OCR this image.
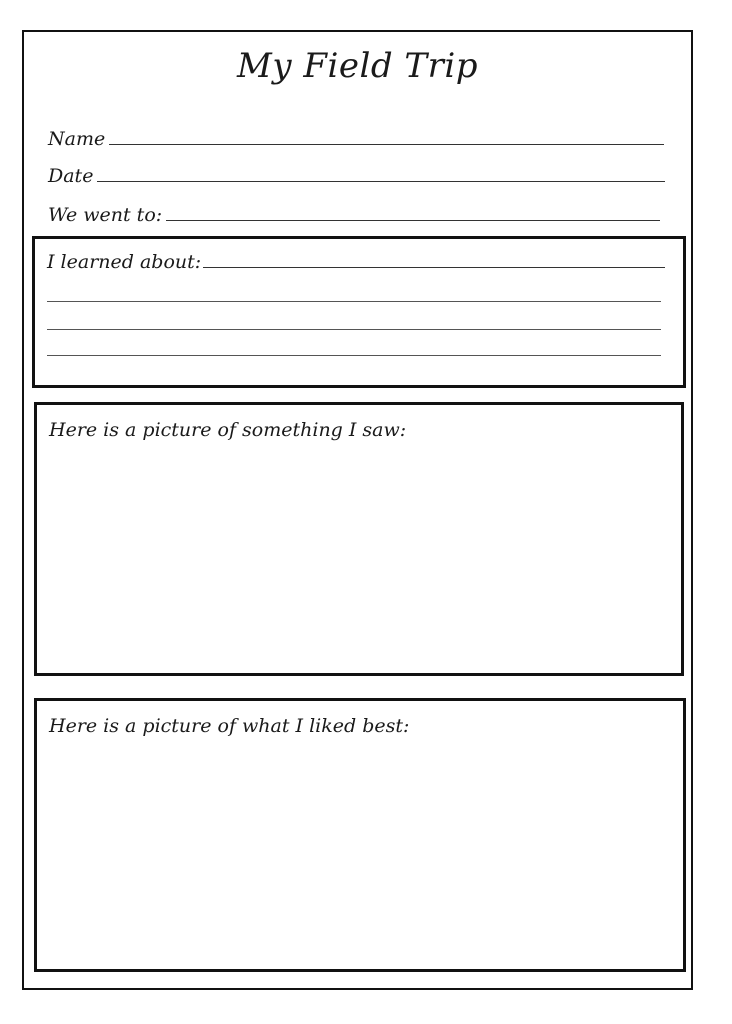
My Field Trip
Name
Date
We went to:
I learned about:
Here is a picture of something I saw:
Here is a picture of what I liked best:
